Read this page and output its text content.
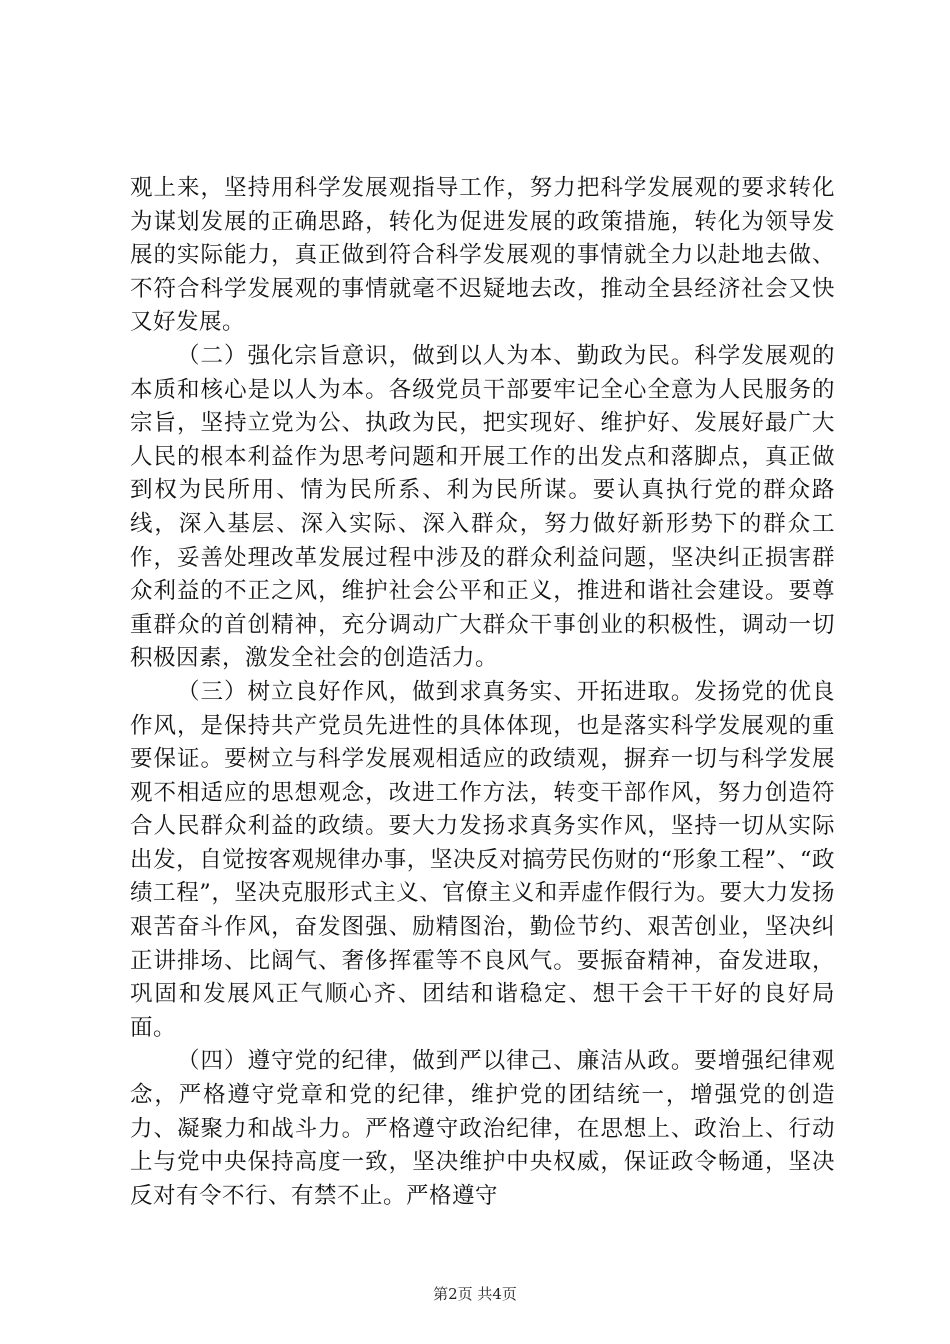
观上来，坚持用科学发展观指导工作，努力把科学发展观的要求转化为谋划发展的正确思路，转化为促进发展的政策措施，转化为领导发展的实际能力，真正做到符合科学发展观的事情就全力以赴地去做、不符合科学发展观的事情就毫不迟疑地去改，推动全县经济社会又快又好发展。

（二）强化宗旨意识，做到以人为本、勤政为民。科学发展观的本质和核心是以人为本。各级党员干部要牢记全心全意为人民服务的宗旨，坚持立党为公、执政为民，把实现好、维护好、发展好最广大人民的根本利益作为思考问题和开展工作的出发点和落脚点，真正做到权为民所用、情为民所系、利为民所谋。要认真执行党的群众路线，深入基层、深入实际、深入群众，努力做好新形势下的群众工作，妥善处理改革发展过程中涉及的群众利益问题，坚决纠正损害群众利益的不正之风，维护社会公平和正义，推进和谐社会建设。要尊重群众的首创精神，充分调动广大群众干事创业的积极性，调动一切积极因素，激发全社会的创造活力。

（三）树立良好作风，做到求真务实、开拓进取。发扬党的优良作风，是保持共产党员先进性的具体体现，也是落实科学发展观的重要保证。要树立与科学发展观相适应的政绩观，摒弃一切与科学发展观不相适应的思想观念，改进工作方法，转变干部作风，努力创造符合人民群众利益的政绩。要大力发扬求真务实作风，坚持一切从实际出发，自觉按客观规律办事，坚决反对搞劳民伤财的“形象工程”、“政绩工程”，坚决克服形式主义、官僚主义和弄虚作假行为。要大力发扬艰苦奋斗作风，奋发图强、励精图治，勤俭节约、艰苦创业，坚决纠正讲排场、比阔气、奢侈挥霍等不良风气。要振奋精神，奋发进取，巩固和发展风正气顺心齐、团结和谐稳定、想干会干干好的良好局面。

（四）遵守党的纪律，做到严以律己、廉洁从政。要增强纪律观念，严格遵守党章和党的纪律，维护党的团结统一，增强党的创造力、凝聚力和战斗力。严格遵守政治纪律，在思想上、政治上、行动上与党中央保持高度一致，坚决维护中央权威，保证政令畅通，坚决反对有令不行、有禁不止。严格遵守

第2页 共4页
